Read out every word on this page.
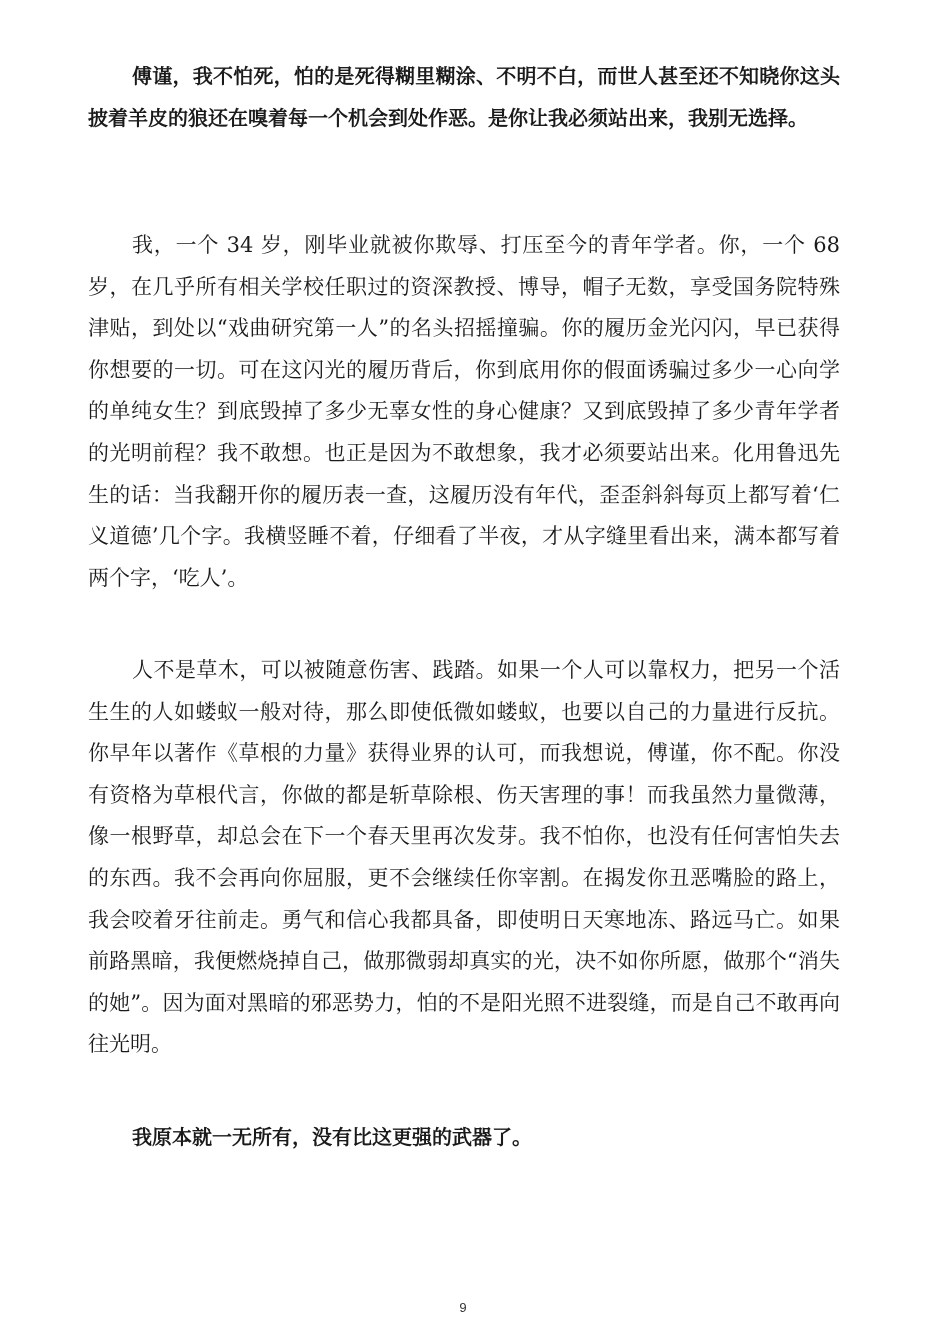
傅谨，我不怕死，怕的是死得糊里糊涂、不明不白，而世人甚至还不知晓你这头披着羊皮的狼还在嗅着每一个机会到处作恶。是你让我必须站出来，我别无选择。

我，一个 34 岁，刚毕业就被你欺辱、打压至今的青年学者。你，一个 68 岁，在几乎所有相关学校任职过的资深教授、博导，帽子无数，享受国务院特殊津贴，到处以“戏曲研究第一人”的名头招摇撞骗。你的履历金光闪闪，早已获得你想要的一切。可在这闪光的履历背后，你到底用你的假面诱骗过多少一心向学的单纯女生？到底毁掉了多少无辜女性的身心健康？又到底毁掉了多少青年学者的光明前程？我不敢想。也正是因为不敢想象，我才必须要站出来。化用鲁迅先生的话：当我翻开你的履历表一查，这履历没有年代，歪歪斜斜每页上都写着‘仁义道德’几个字。我横竖睡不着，仔细看了半夜，才从字缝里看出来，满本都写着两个字，‘吃人’。

人不是草木，可以被随意伤害、践踏。如果一个人可以靠权力，把另一个活生生的人如蝼蚁一般对待，那么即使低微如蝼蚁，也要以自己的力量进行反抗。你早年以著作《草根的力量》获得业界的认可，而我想说，傅谨，你不配。你没有资格为草根代言，你做的都是斩草除根、伤天害理的事！而我虽然力量微薄，像一根野草，却总会在下一个春天里再次发芽。我不怕你，也没有任何害怕失去的东西。我不会再向你屈服，更不会继续任你宰割。在揭发你丑恶嘴脸的路上，我会咬着牙往前走。勇气和信心我都具备，即使明日天寒地冻、路远马亡。如果前路黑暗，我便燃烧掉自己，做那微弱却真实的光，决不如你所愿，做那个“消失的她”。因为面对黑暗的邪恶势力，怕的不是阳光照不进裂缝，而是自己不敢再向往光明。

我原本就一无所有，没有比这更强的武器了。

9
